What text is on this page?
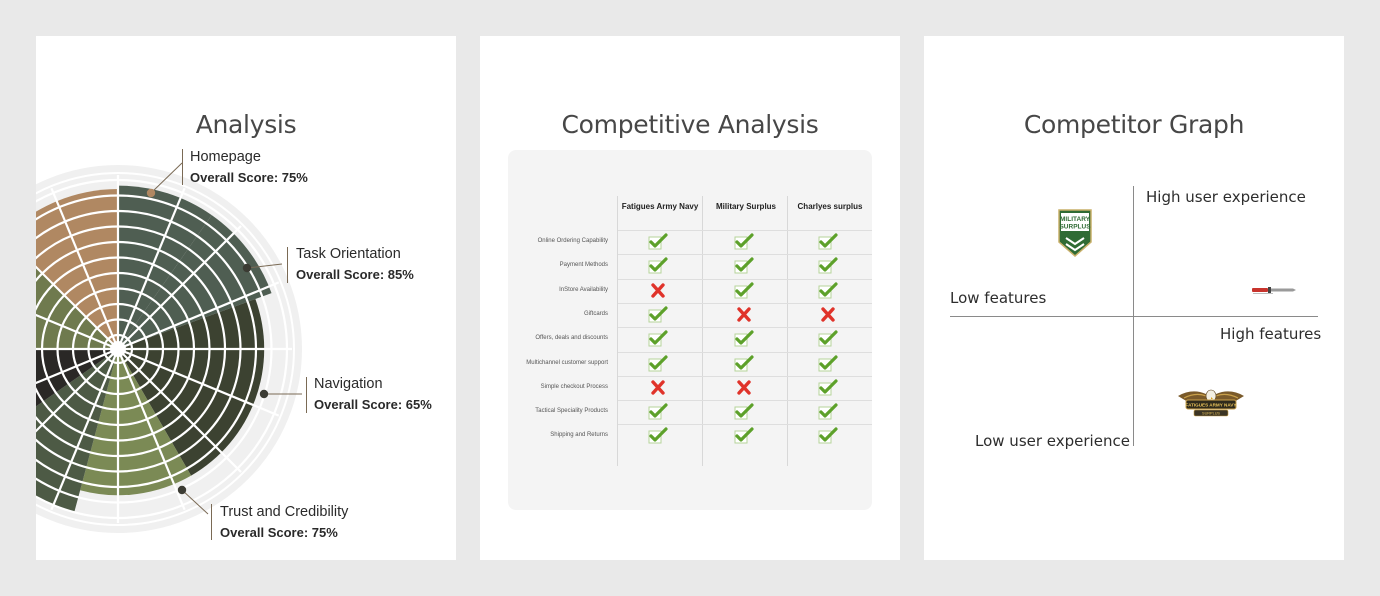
Analysis
Homepage
Overall Score: 75%
Task Orientation
Overall Score: 85%
Navigation
Overall Score: 65%
Trust and Credibility
Overall Score: 75%
Competitive Analysis
Fatigues Army Navy	Military Surplus	Charlyes surplus
Online Ordering Capability
Payment Methods
InStore Availability
Giftcards
Offers, deals and discounts
Multichannel customer support
Simple checkout Process
Tactical Speciality Products
Shipping and Returns
Competitor Graph
High user experience
Low user experience
Low features
High features
MILITARY
SURPLUS
FATIGUES ARMY NAVY
SURPLUS
